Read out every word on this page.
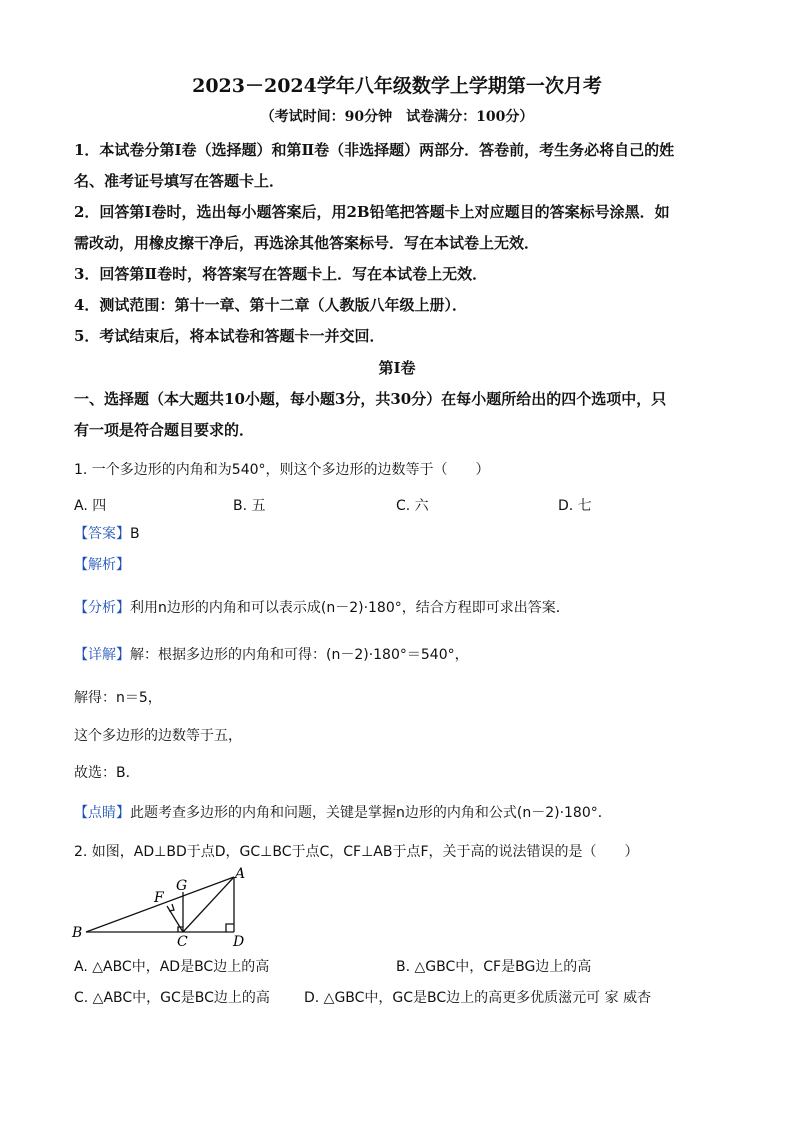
2023－2024学年八年级数学上学期第一次月考
（考试时间：90分钟　试卷满分：100分）
1．本试卷分第Ⅰ卷（选择题）和第Ⅱ卷（非选择题）两部分．答卷前，考生务必将自己的姓
名、准考证号填写在答题卡上．
2．回答第Ⅰ卷时，选出每小题答案后，用2B铅笔把答题卡上对应题目的答案标号涂黑．如
需改动，用橡皮擦干净后，再选涂其他答案标号．写在本试卷上无效．
3．回答第Ⅱ卷时，将答案写在答题卡上．写在本试卷上无效．
4．测试范围：第十一章、第十二章（人教版八年级上册）．
5．考试结束后，将本试卷和答题卡一并交回．
第Ⅰ卷
一、选择题（本大题共10小题，每小题3分，共30分）在每小题所给出的四个选项中，只
有一项是符合题目要求的．
1. 一个多边形的内角和为540°，则这个多边形的边数等于（　　）
A. 四	B. 五	C. 六	D. 七
【答案】B
【解析】
【分析】利用n边形的内角和可以表示成(n－2)·180°，结合方程即可求出答案．
【详解】解：根据多边形的内角和可得：(n－2)·180°＝540°，
解得：n＝5，
这个多边形的边数等于五，
故选：B．
【点睛】此题考查多边形的内角和问题，关键是掌握n边形的内角和公式(n－2)·180°．
2. 如图，AD⊥BD于点D，GC⊥BC于点C，CF⊥AB于点F，关于高的说法错误的是（　　）
A
B
C	D
F
G
A. △ABC中，AD是BC边上的高	B. △GBC中，CF是BG边上的高
C. △ABC中，GC是BC边上的高 D. △GBC中，GC是BC边上的高更多优质滋元可 家 威杏
